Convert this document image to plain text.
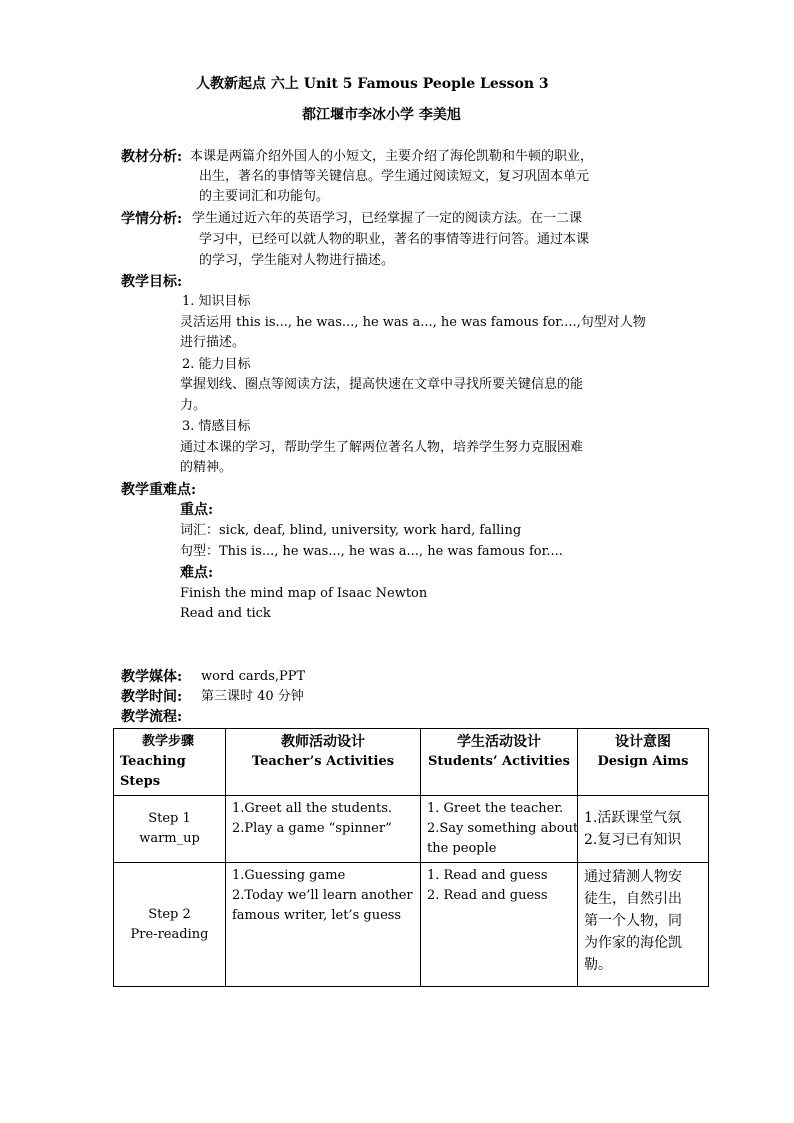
人教新起点 六上 Unit 5 Famous People Lesson 3
都江堰市李冰小学 李美旭
教材分析: 本课是两篇介绍外国人的小短文，主要介绍了海伦凯勒和牛顿的职业，
出生，著名的事情等关键信息。学生通过阅读短文，复习巩固本单元
的主要词汇和功能句。
学情分析: 学生通过近六年的英语学习，已经掌握了一定的阅读方法。在一二课
学习中，已经可以就人物的职业，著名的事情等进行问答。通过本课
的学习，学生能对人物进行描述。
教学目标:
1. 知识目标
灵活运用 this is..., he was..., he was a..., he was famous for....,句型对人物
进行描述。
2. 能力目标
掌握划线、圈点等阅读方法，提高快速在文章中寻找所要关键信息的能
力。
3. 情感目标
通过本课的学习，帮助学生了解两位著名人物，培养学生努力克服困难
的精神。
教学重难点:
重点:
词汇：sick, deaf, blind, university, work hard, falling
句型：This is..., he was..., he was a..., he was famous for....
难点:
Finish the mind map of Isaac Newton
Read and tick
教学媒体: word cards,PPT
教学时间: 第三课时 40 分钟
教学流程:
教学步骤
Teaching
Steps	教师活动设计
Teacher’s Activities	学生活动设计
Students’ Activities	设计意图
Design Aims

Step 1
warm_up	1.Greet all the students.
2.Play a game “spinner”	1. Greet the teacher.
2.Say something about
the people	1.活跃课堂气氛
2.复习已有知识

Step 2
Pre-reading	1.Guessing game
2.Today we’ll learn another
famous writer, let’s guess	1. Read and guess
2. Read and guess	通过猜测人物安
徒生，自然引出
第一个人物，同
为作家的海伦凯
勒。
